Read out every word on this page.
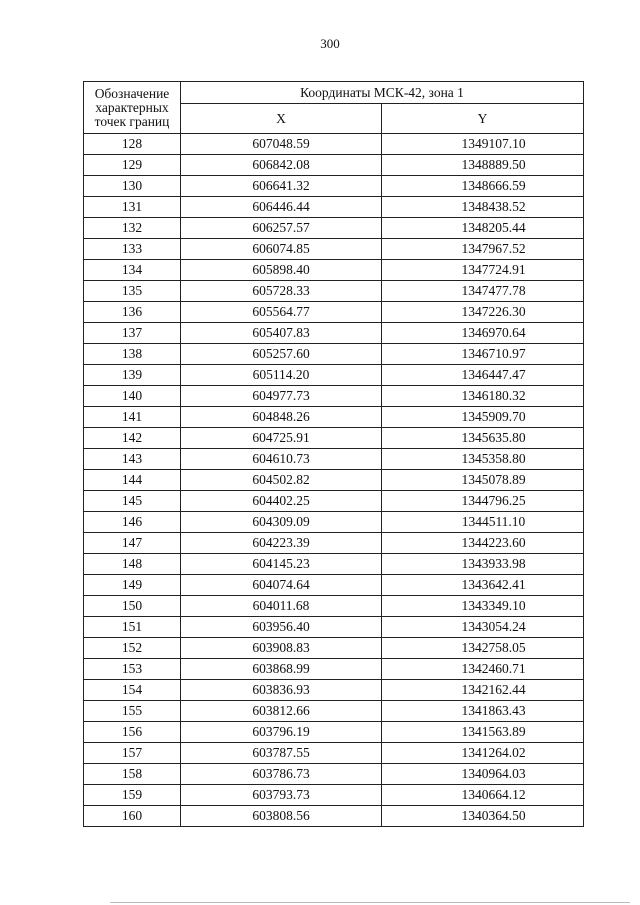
300
Обозначение характерных точек границ	Координаты МСК-42, зона 1	
	X	Y
128	607048.59	1349107.10
129	606842.08	1348889.50
130	606641.32	1348666.59
131	606446.44	1348438.52
132	606257.57	1348205.44
133	606074.85	1347967.52
134	605898.40	1347724.91
135	605728.33	1347477.78
136	605564.77	1347226.30
137	605407.83	1346970.64
138	605257.60	1346710.97
139	605114.20	1346447.47
140	604977.73	1346180.32
141	604848.26	1345909.70
142	604725.91	1345635.80
143	604610.73	1345358.80
144	604502.82	1345078.89
145	604402.25	1344796.25
146	604309.09	1344511.10
147	604223.39	1344223.60
148	604145.23	1343933.98
149	604074.64	1343642.41
150	604011.68	1343349.10
151	603956.40	1343054.24
152	603908.83	1342758.05
153	603868.99	1342460.71
154	603836.93	1342162.44
155	603812.66	1341863.43
156	603796.19	1341563.89
157	603787.55	1341264.02
158	603786.73	1340964.03
159	603793.73	1340664.12
160	603808.56	1340364.50
